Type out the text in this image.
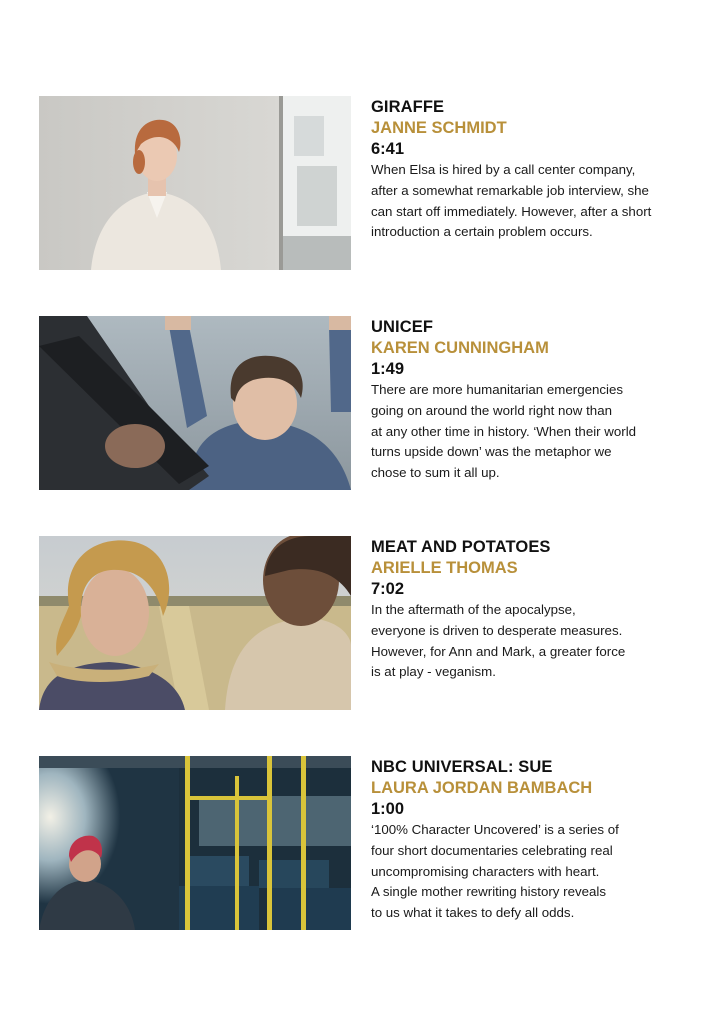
GIRAFFE
JANNE SCHMIDT
6:41
When Elsa is hired by a call center company,
after a somewhat remarkable job interview, she
can start off immediately. However, after a short
introduction a certain problem occurs.
UNICEF
KAREN CUNNINGHAM
1:49
There are more humanitarian emergencies
going on around the world right now than
at any other time in history. ‘When their world
turns upside down’ was the metaphor we
chose to sum it all up.
MEAT AND POTATOES
ARIELLE THOMAS
7:02
In the aftermath of the apocalypse,
everyone is driven to desperate measures.
However, for Ann and Mark, a greater force
is at play - veganism.
NBC UNIVERSAL: SUE
LAURA JORDAN BAMBACH
1:00
‘100% Character Uncovered’ is a series of
four short documentaries celebrating real
uncompromising characters with heart.
A single mother rewriting history reveals
to us what it takes to defy all odds.
